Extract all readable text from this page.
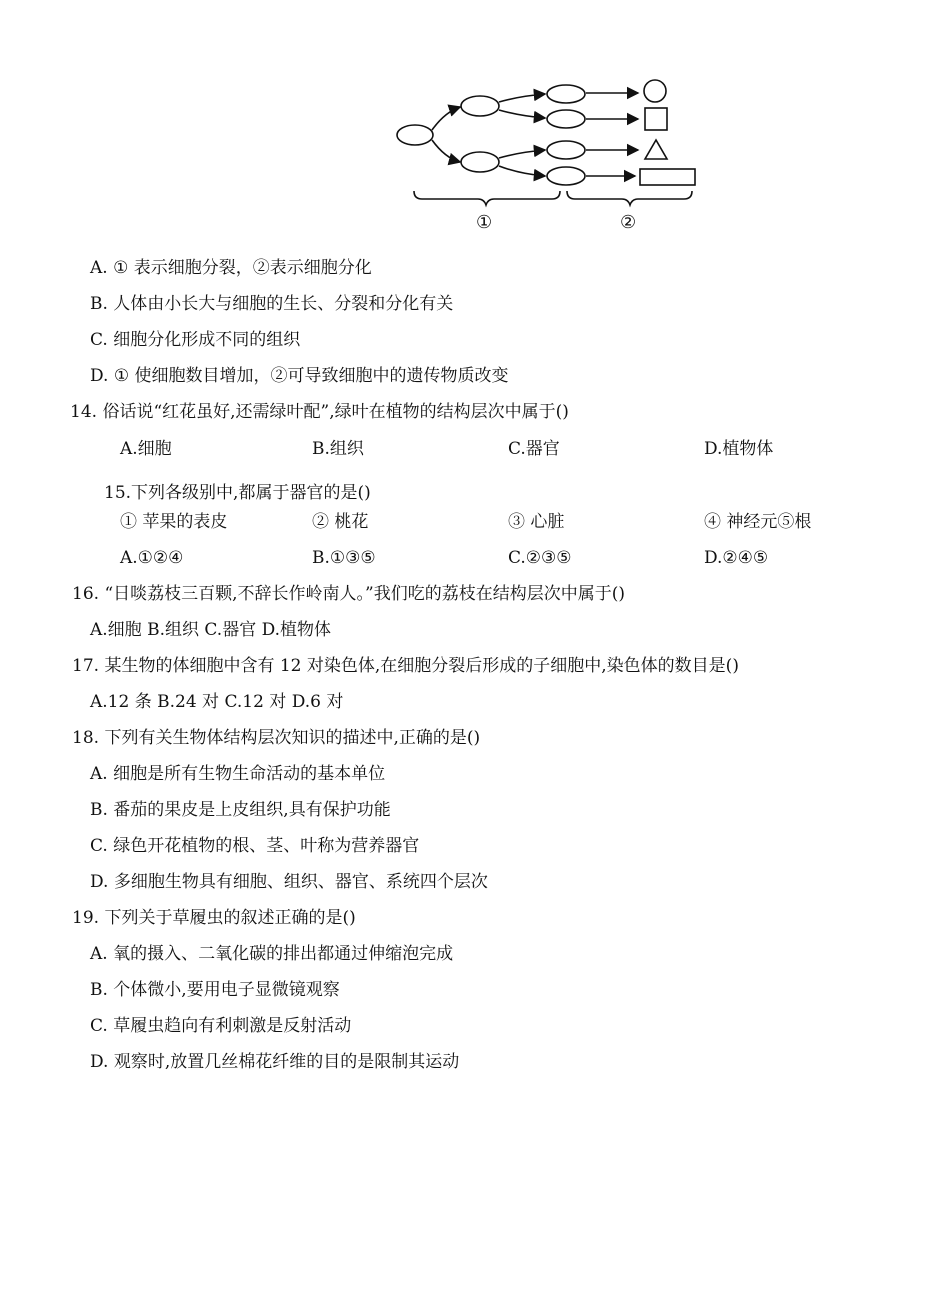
①	②
A. ① 表示细胞分裂，②表示细胞分化
B. 人体由小长大与细胞的生长、分裂和分化有关
C. 细胞分化形成不同的组织
D. ① 使细胞数目增加，②可导致细胞中的遗传物质改变
14. 俗话说“红花虽好,还需绿叶配”,绿叶在植物的结构层次中属于()
A.细胞	B.组织	C.器官	D.植物体
15.下列各级别中,都属于器官的是()
① 苹果的表皮	② 桃花	③ 心脏	④ 神经元⑤根
A.①②④	B.①③⑤	C.②③⑤	D.②④⑤
16. “日啖荔枝三百颗,不辞长作岭南人。”我们吃的荔枝在结构层次中属于()
A.细胞 B.组织 C.器官 D.植物体
17. 某生物的体细胞中含有 12 对染色体,在细胞分裂后形成的子细胞中,染色体的数目是()
A.12 条 B.24 对 C.12 对 D.6 对
18. 下列有关生物体结构层次知识的描述中,正确的是()
A. 细胞是所有生物生命活动的基本单位
B. 番茄的果皮是上皮组织,具有保护功能
C. 绿色开花植物的根、茎、叶称为营养器官
D. 多细胞生物具有细胞、组织、器官、系统四个层次
19. 下列关于草履虫的叙述正确的是()
A. 氧的摄入、二氧化碳的排出都通过伸缩泡完成
B. 个体微小,要用电子显微镜观察
C. 草履虫趋向有利刺激是反射活动
D. 观察时,放置几丝棉花纤维的目的是限制其运动
